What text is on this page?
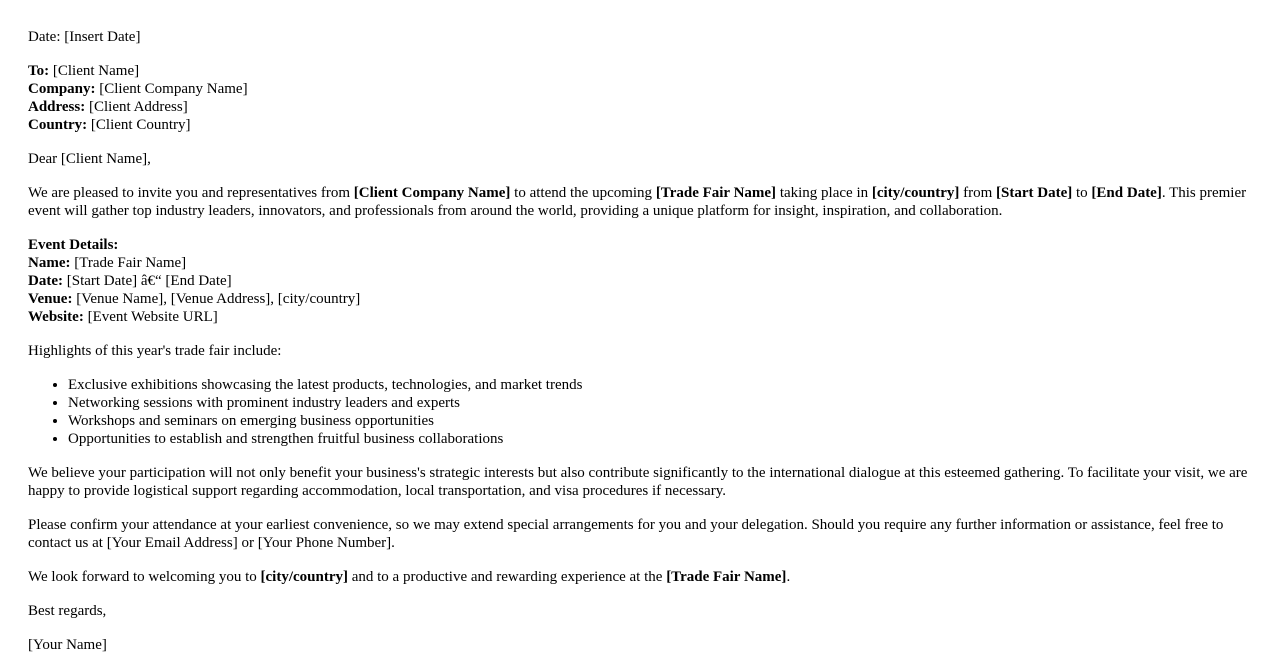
Date: [Insert Date]

To: [Client Name]
Company: [Client Company Name]
Address: [Client Address]
Country: [Client Country]

Dear [Client Name],

We are pleased to invite you and representatives from [Client Company Name] to attend the upcoming [Trade Fair Name] taking place in [city/country] from [Start Date] to [End Date]. This premier event will gather top industry leaders, innovators, and professionals from around the world, providing a unique platform for insight, inspiration, and collaboration.

Event Details:
Name: [Trade Fair Name]
Date: [Start Date] â€“ [End Date]
Venue: [Venue Name], [Venue Address], [city/country]
Website: [Event Website URL]

Highlights of this year's trade fair include:

• Exclusive exhibitions showcasing the latest products, technologies, and market trends
• Networking sessions with prominent industry leaders and experts
• Workshops and seminars on emerging business opportunities
• Opportunities to establish and strengthen fruitful business collaborations

We believe your participation will not only benefit your business's strategic interests but also contribute significantly to the international dialogue at this esteemed gathering. To facilitate your visit, we are happy to provide logistical support regarding accommodation, local transportation, and visa procedures if necessary.

Please confirm your attendance at your earliest convenience, so we may extend special arrangements for you and your delegation. Should you require any further information or assistance, feel free to contact us at [Your Email Address] or [Your Phone Number].

We look forward to welcoming you to [city/country] and to a productive and rewarding experience at the [Trade Fair Name].

Best regards,

[Your Name]
